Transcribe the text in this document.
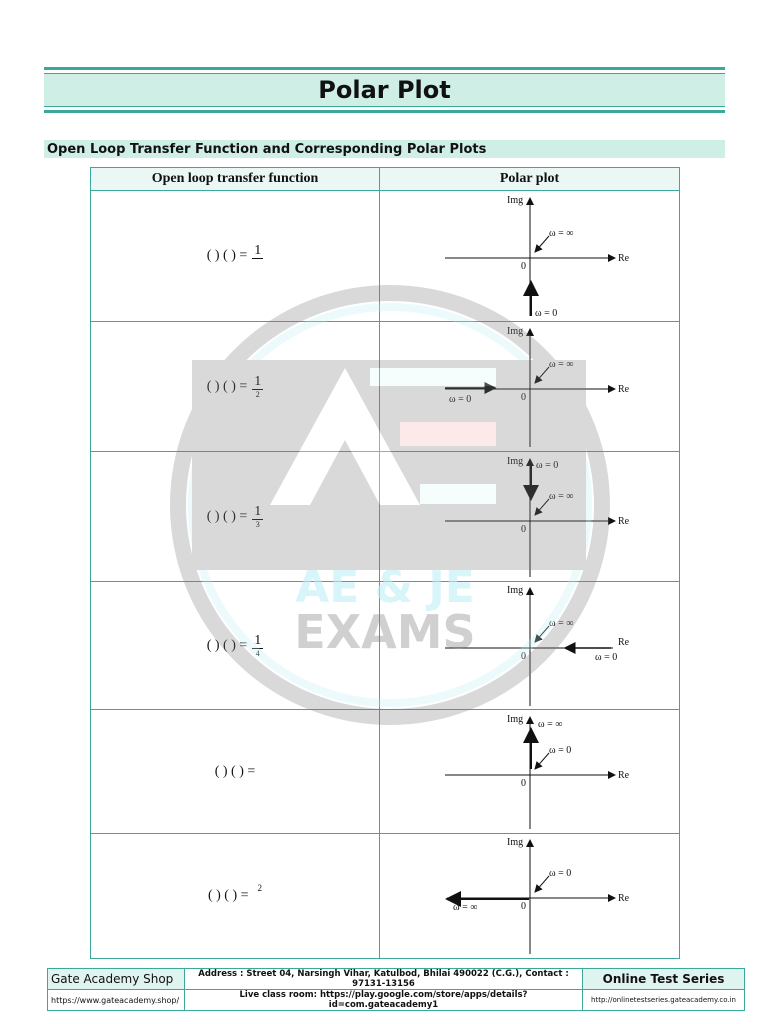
Polar Plot
Open Loop Transfer Function and Corresponding Polar Plots
Open loop transfer function	Polar plot

( ) ( ) = 1	Img
Re
0
ω = ∞
ω = 0

( ) ( ) = $\frac{1}{2}$	Img
Re
0
ω = ∞
ω = 0

( ) ( ) = $\frac{1}{3}$	Img
Re
0
ω = ∞
ω = 0

( ) ( ) = $\frac{1}{4}$	Img
Re
0
ω = ∞
ω = 0

( ) ( ) =	Img
Re
0
ω = ∞
ω = 0

( ) ( ) = 2	Img
Re
0
ω = ∞
ω = 0
AE & JE
EXAMS
Gate Academy Shop	Address : Street 04, Narsingh Vihar, Katulbod, Bhilai 490022 (C.G.), Contact : 97131-13156	Online Test Series
https://www.gateacademy.shop/	Live class room: https://play.google.com/store/apps/details?id=com.gateacademy1	http://onlinetestseries.gateacademy.co.in
